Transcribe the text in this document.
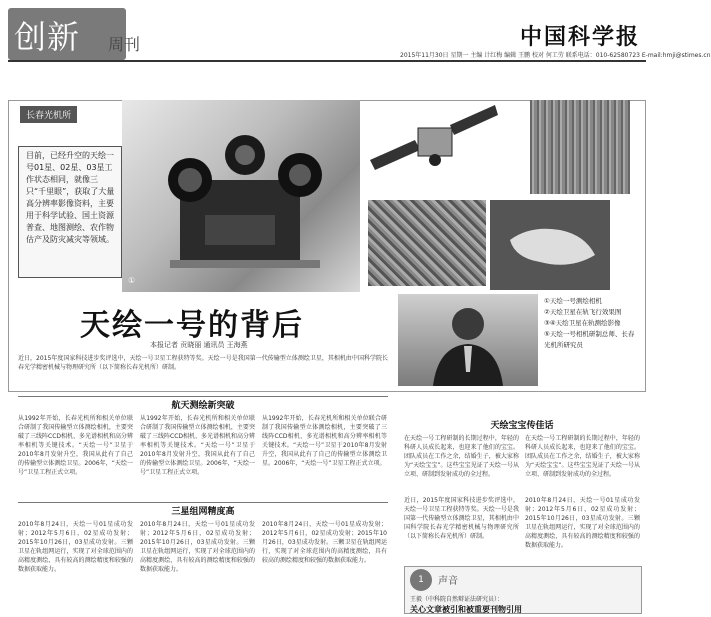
创新 周刊	中国科学报
2015年11月30日 星期一 主编 计红梅 编辑 王鹏 校对 何工劳 联系电话：010-62580723 E-mail:hmji@stimes.cn
长春光机所
目前，已经升空的天绘一号01星、02星、03星工作状态相同，就像三只“千里眼”，获取了大量高分辨率影像资料，主要用于科学试验、国土资源普查、地图测绘、农作物估产及防灾减灾等领域。
①天绘一号测绘相机
②天绘卫星在轨飞行效果图
③④天绘卫星在轨测绘影像
⑤天绘一号相机研制总师、长春光机所研究员
①
天绘一号的背后
本报记者 贡晓丽 通讯员 王海燕
近日，2015年度国家科技进步奖评选中，天绘一号卫星工程获特等奖。天绘一号是我国第一代传输型立体测绘卫星，其相机由中国科学院长春光学精密机械与物理研究所（以下简称长春光机所）研制。
航天测绘新突破
从1992年开始，长春光机所和相关单位联合研制了我国传输型立体测绘相机，主要突破了三线阵CCD相机、多光谱相机和高分辨率相机等关键技术。“天绘一号”卫星于2010年8月发射升空，我国从此有了自己的传输型立体测绘卫星。2006年，“天绘一号”卫星工程正式立项。
从1992年开始，长春光机所和相关单位联合研制了我国传输型立体测绘相机，主要突破了三线阵CCD相机、多光谱相机和高分辨率相机等关键技术。“天绘一号”卫星于2010年8月发射升空，我国从此有了自己的传输型立体测绘卫星。2006年，“天绘一号”卫星工程正式立项。
从1992年开始，长春光机所和相关单位联合研制了我国传输型立体测绘相机，主要突破了三线阵CCD相机、多光谱相机和高分辨率相机等关键技术。“天绘一号”卫星于2010年8月发射升空，我国从此有了自己的传输型立体测绘卫星。2006年，“天绘一号”卫星工程正式立项。
三星组网精度高
2010年8月24日，天绘一号01星成功发射；2012年5月6日，02星成功发射；2015年10月26日，03星成功发射。三颗卫星在轨组网运行，实现了对全球范围内的高精度测绘，具有较高的测绘精度和较强的数据获取能力。
2010年8月24日，天绘一号01星成功发射；2012年5月6日，02星成功发射；2015年10月26日，03星成功发射。三颗卫星在轨组网运行，实现了对全球范围内的高精度测绘，具有较高的测绘精度和较强的数据获取能力。
2010年8月24日，天绘一号01星成功发射；2012年5月6日，02星成功发射；2015年10月26日，03星成功发射。三颗卫星在轨组网运行，实现了对全球范围内的高精度测绘，具有较高的测绘精度和较强的数据获取能力。
天绘宝宝传佳话
在天绘一号工程研制的长期过程中，年轻的科研人员成长起来，也迎来了他们的宝宝。团队成员在工作之余，结婚生子，被大家称为“天绘宝宝”。这些宝宝见证了天绘一号从立项、研制到发射成功的全过程。
在天绘一号工程研制的长期过程中，年轻的科研人员成长起来，也迎来了他们的宝宝。团队成员在工作之余，结婚生子，被大家称为“天绘宝宝”。这些宝宝见证了天绘一号从立项、研制到发射成功的全过程。
近日，2015年度国家科技进步奖评选中，天绘一号卫星工程获特等奖。天绘一号是我国第一代传输型立体测绘卫星，其相机由中国科学院长春光学精密机械与物理研究所（以下简称长春光机所）研制。
2010年8月24日，天绘一号01星成功发射；2012年5月6日，02星成功发射；2015年10月26日，03星成功发射。三颗卫星在轨组网运行，实现了对全球范围内的高精度测绘，具有较高的测绘精度和较强的数据获取能力。
1	声音
王毅（中科院自然辩证法研究员）：
关心文章被引和被重要刊物引用
